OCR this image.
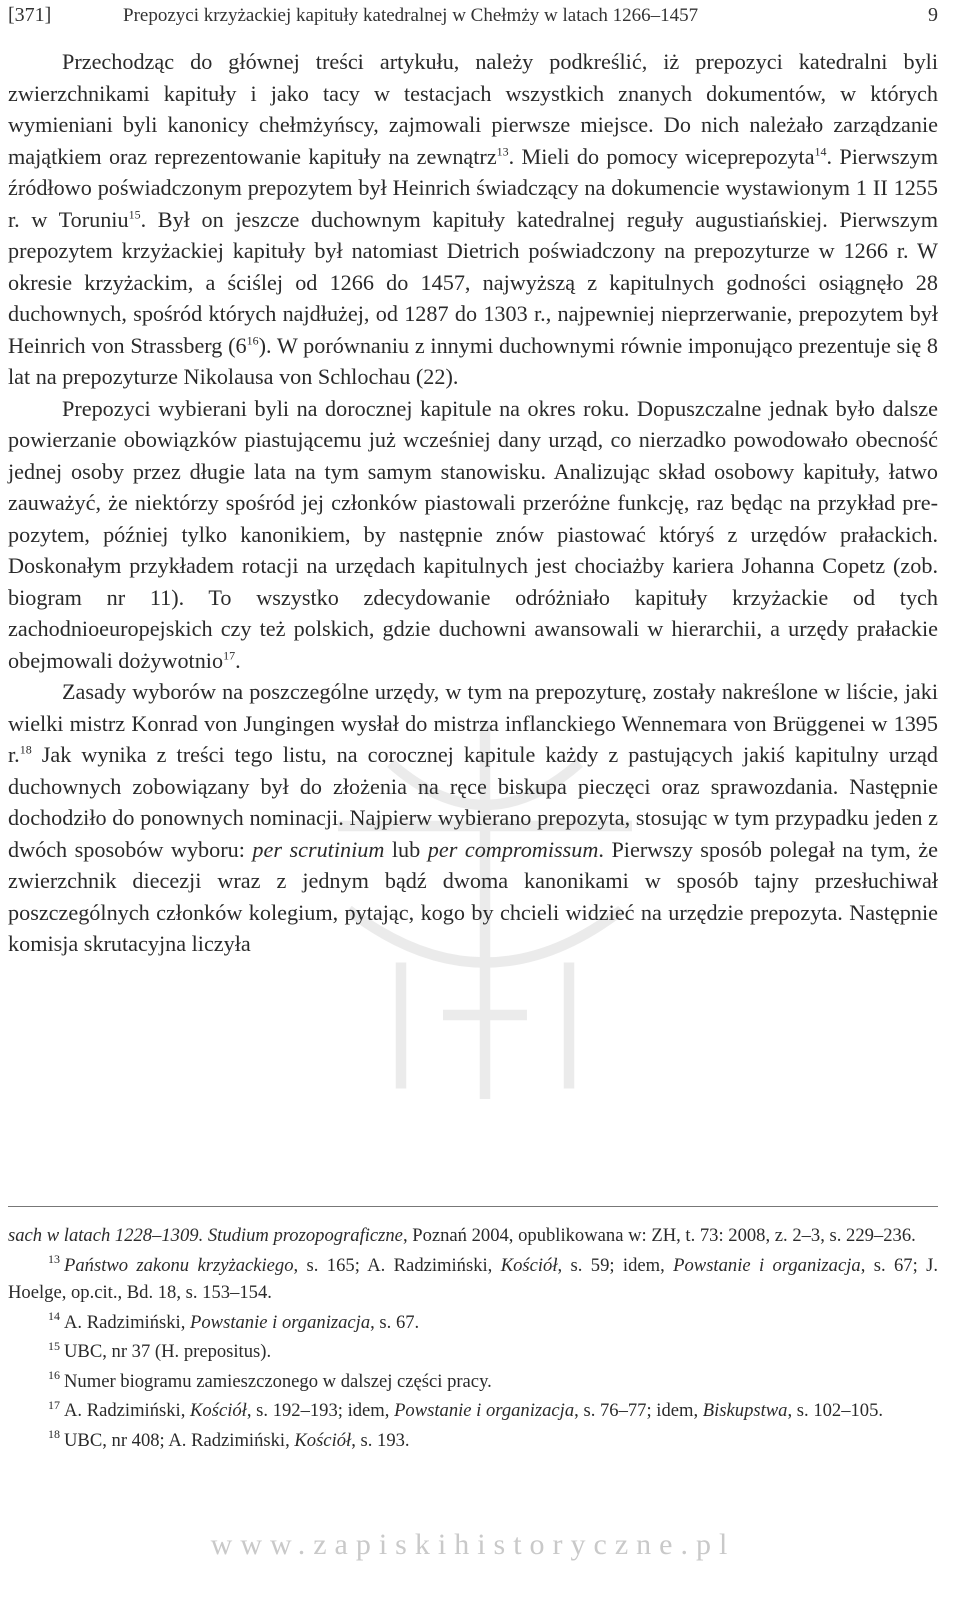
[371]	Prepozyci krzyżackiej kapituły katedralnej w Chełmży w latach 1266–1457	9

Przechodząc do głównej treści artykułu, należy podkreślić, iż prepozyci katedralni byli zwierzchnikami kapituły i jako tacy w testacjach wszystkich znanych dokumentów, w których wymieniani byli kanonicy chełmżyńscy, zajmowali pierwsze miejsce. Do nich należało zarządzanie majątkiem oraz reprezentowanie kapituły na zewnątrz$^{13}$. Mieli do pomocy wiceprepozyta$^{14}$. Pierwszym źródłowo poświadczonym prepozytem był Heinrich świadczący na dokumencie wystawionym 1 II 1255 r. w Toruniu$^{15}$. Był on jeszcze duchownym kapituły katedralnej reguły augustiańskiej. Pierwszym prepozytem krzyżackiej kapituły był natomiast Dietrich poświadczony na prepozyturze w 1266 r. W okresie krzyżackim, a ściślej od 1266 do 1457, najwyższą z kapitulnych godności osiągnęło 28 duchownych, spośród których najdłużej, od 1287 do 1303 r., najpewniej nieprzerwanie, prepozytem był Heinrich von Strassberg $(6^{16})$. W porównaniu z innymi duchownymi równie imponująco prezentuje się 8 lat na prepozyturze Nikolausa von Schlochau (22).

Prepozyci wybierani byli na dorocznej kapitule na okres roku. Dopuszczalne jednak było dalsze powierzanie obowiązków piastującemu już wcześniej dany urząd, co nierzadko powodowało obecność jednej osoby przez długie lata na tym samym stanowisku. Analizując skład osobowy kapituły, łatwo zauważyć, że niektórzy spośród jej członków piastowali przeróżne funkcję, raz będąc na przykład prepozytem, później tylko kanonikiem, by następnie znów piastować któryś z urzędów prałackich. Doskonałym przykładem rotacji na urzędach kapitulnych jest chociażby kariera Johanna Copetz (zob. biogram nr 11). To wszystko zdecydowanie odróżniało kapituły krzyżackie od tych zachodnioeuropejskich czy też polskich, gdzie duchowni awansowali w hierarchii, a urzędy prałackie obejmowali dożywotnio$^{17}$.

Zasady wyborów na poszczególne urzędy, w tym na prepozyturę, zostały nakreślone w liście, jaki wielki mistrz Konrad von Jungingen wysłał do mistrza inflanckiego Wennemara von Brüggenei w 1395 r.$^{18}$ Jak wynika z treści tego listu, na corocznej kapitule każdy z pastujących jakiś kapitulny urząd duchownych zobowiązany był do złożenia na ręce biskupa pieczęci oraz sprawozdania. Następnie dochodziło do ponownych nominacji. Najpierw wybierano prepozyta, stosując w tym przypadku jeden z dwóch sposobów wyboru: per scrutinium lub per compromissum. Pierwszy sposób polegał na tym, że zwierzchnik diecezji wraz z jednym bądź dwoma kanonikami w sposób tajny przesłuchiwał poszczególnych członków kolegium, pytając, kogo by chcieli widzieć na urzędzie prepozyta. Następnie komisja skrutacyjna liczyła

sach w latach 1228–1309. Studium prozopograficzne, Poznań 2004, opublikowana w: ZH, t. 73: 2008, z. 2–3, s. 229–236.

$^{13}$ Państwo zakonu krzyżackiego, s. 165; A. Radzimiński, Kościół, s. 59; idem, Powstanie i organizacja, s. 67; J. Hoelge, op.cit., Bd. 18, s. 153–154.

$^{14}$ A. Radzimiński, Powstanie i organizacja, s. 67.

$^{15}$ UBC, nr 37 (H. prepositus).

$^{16}$ Numer biogramu zamieszczonego w dalszej części pracy.

$^{17}$ A. Radzimiński, Kościół, s. 192–193; idem, Powstanie i organizacja, s. 76–77; idem, Biskupstwa, s. 102–105.

$^{18}$ UBC, nr 408; A. Radzimiński, Kościół, s. 193.

www.zapiskihistoryczne.pl
